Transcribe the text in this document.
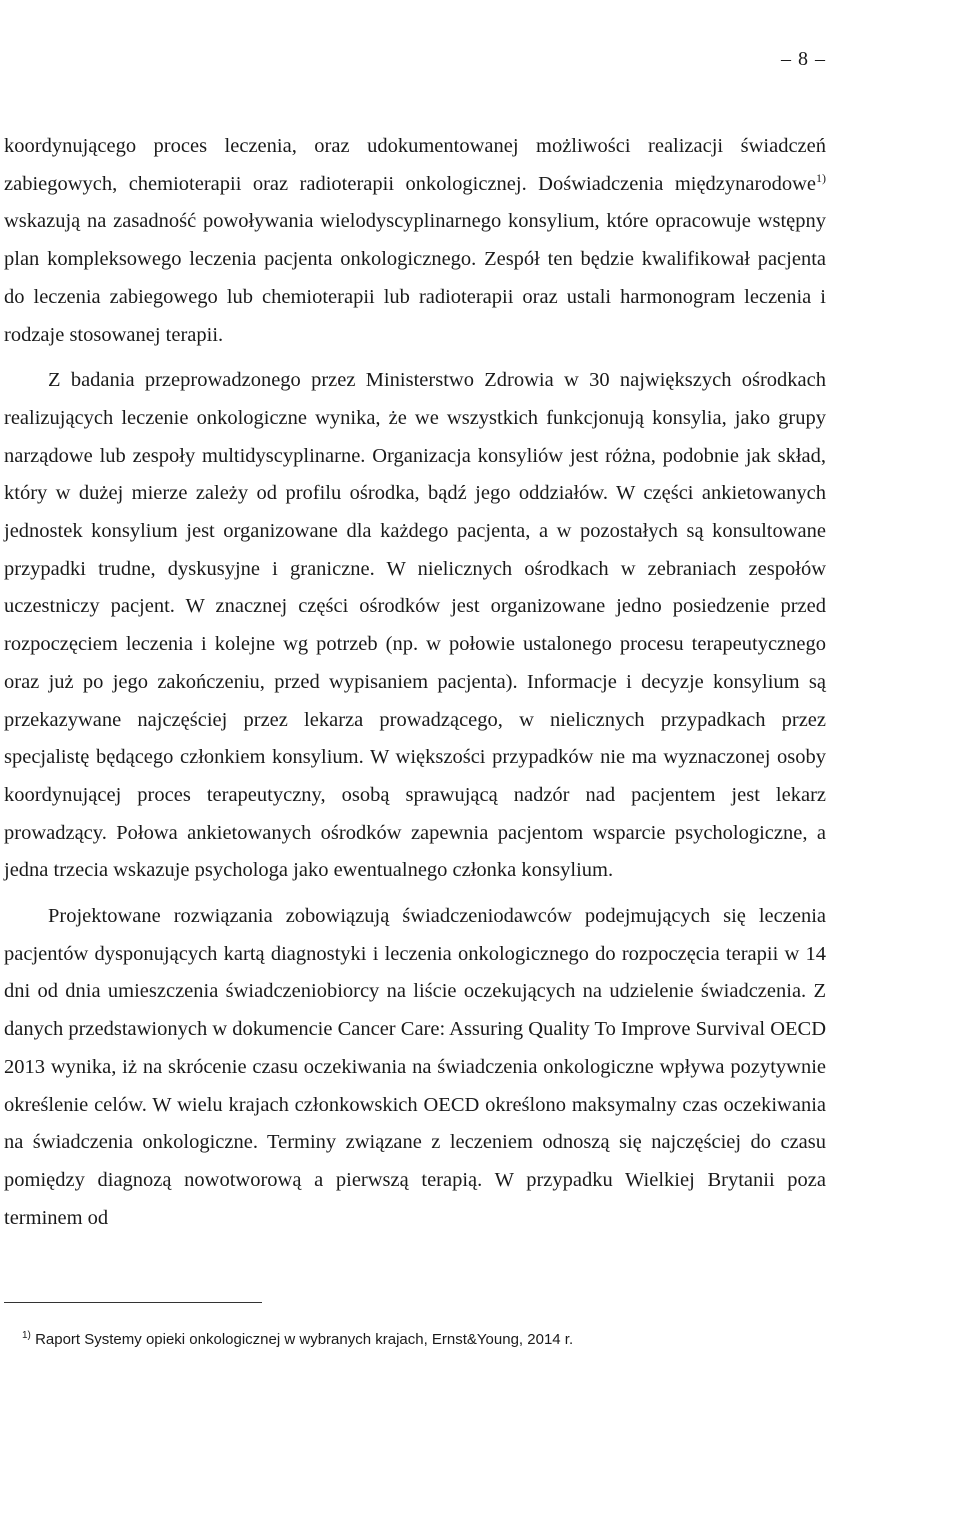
– 8 –

koordynującego proces leczenia, oraz udokumentowanej możliwości realizacji świadczeń zabiegowych, chemioterapii oraz radioterapii onkologicznej. Doświadczenia międzynarodowe$^{1)}$ wskazują na zasadność powoływania wielodyscyplinarnego konsylium, które opracowuje wstępny plan kompleksowego leczenia pacjenta onkologicznego. Zespół ten będzie kwalifikował pacjenta do leczenia zabiegowego lub chemioterapii lub radioterapii oraz ustali harmonogram leczenia i rodzaje stosowanej terapii.

Z badania przeprowadzonego przez Ministerstwo Zdrowia w 30 największych ośrodkach realizujących leczenie onkologiczne wynika, że we wszystkich funkcjonują konsylia, jako grupy narządowe lub zespoły multidyscyplinarne. Organizacja konsyliów jest różna, podobnie jak skład, który w dużej mierze zależy od profilu ośrodka, bądź jego oddziałów. W części ankietowanych jednostek konsylium jest organizowane dla każdego pacjenta, a w pozostałych są konsultowane przypadki trudne, dyskusyjne i graniczne. W nielicznych ośrodkach w zebraniach zespołów uczestniczy pacjent. W znacznej części ośrodków jest organizowane jedno posiedzenie przed rozpoczęciem leczenia i kolejne wg potrzeb (np. w połowie ustalonego procesu terapeutycznego oraz już po jego zakończeniu, przed wypisaniem pacjenta). Informacje i decyzje konsylium są przekazywane najczęściej przez lekarza prowadzącego, w nielicznych przypadkach przez specjalistę będącego członkiem konsylium. W większości przypadków nie ma wyznaczonej osoby koordynującej proces terapeutyczny, osobą sprawującą nadzór nad pacjentem jest lekarz prowadzący. Połowa ankietowanych ośrodków zapewnia pacjentom wsparcie psychologiczne, a jedna trzecia wskazuje psychologa jako ewentualnego członka konsylium.

Projektowane rozwiązania zobowiązują świadczeniodawców podejmujących się leczenia pacjentów dysponujących kartą diagnostyki i leczenia onkologicznego do rozpoczęcia terapii w 14 dni od dnia umieszczenia świadczeniobiorcy na liście oczekujących na udzielenie świadczenia. Z danych przedstawionych w dokumencie Cancer Care: Assuring Quality To Improve Survival OECD 2013 wynika, iż na skrócenie czasu oczekiwania na świadczenia onkologiczne wpływa pozytywnie określenie celów. W wielu krajach członkowskich OECD określono maksymalny czas oczekiwania na świadczenia onkologiczne. Terminy związane z leczeniem odnoszą się najczęściej do czasu pomiędzy diagnozą nowotworową a pierwszą terapią. W przypadku Wielkiej Brytanii poza terminem od

$^{1)}$ Raport Systemy opieki onkologicznej w wybranych krajach, Ernst&Young, 2014 r.
